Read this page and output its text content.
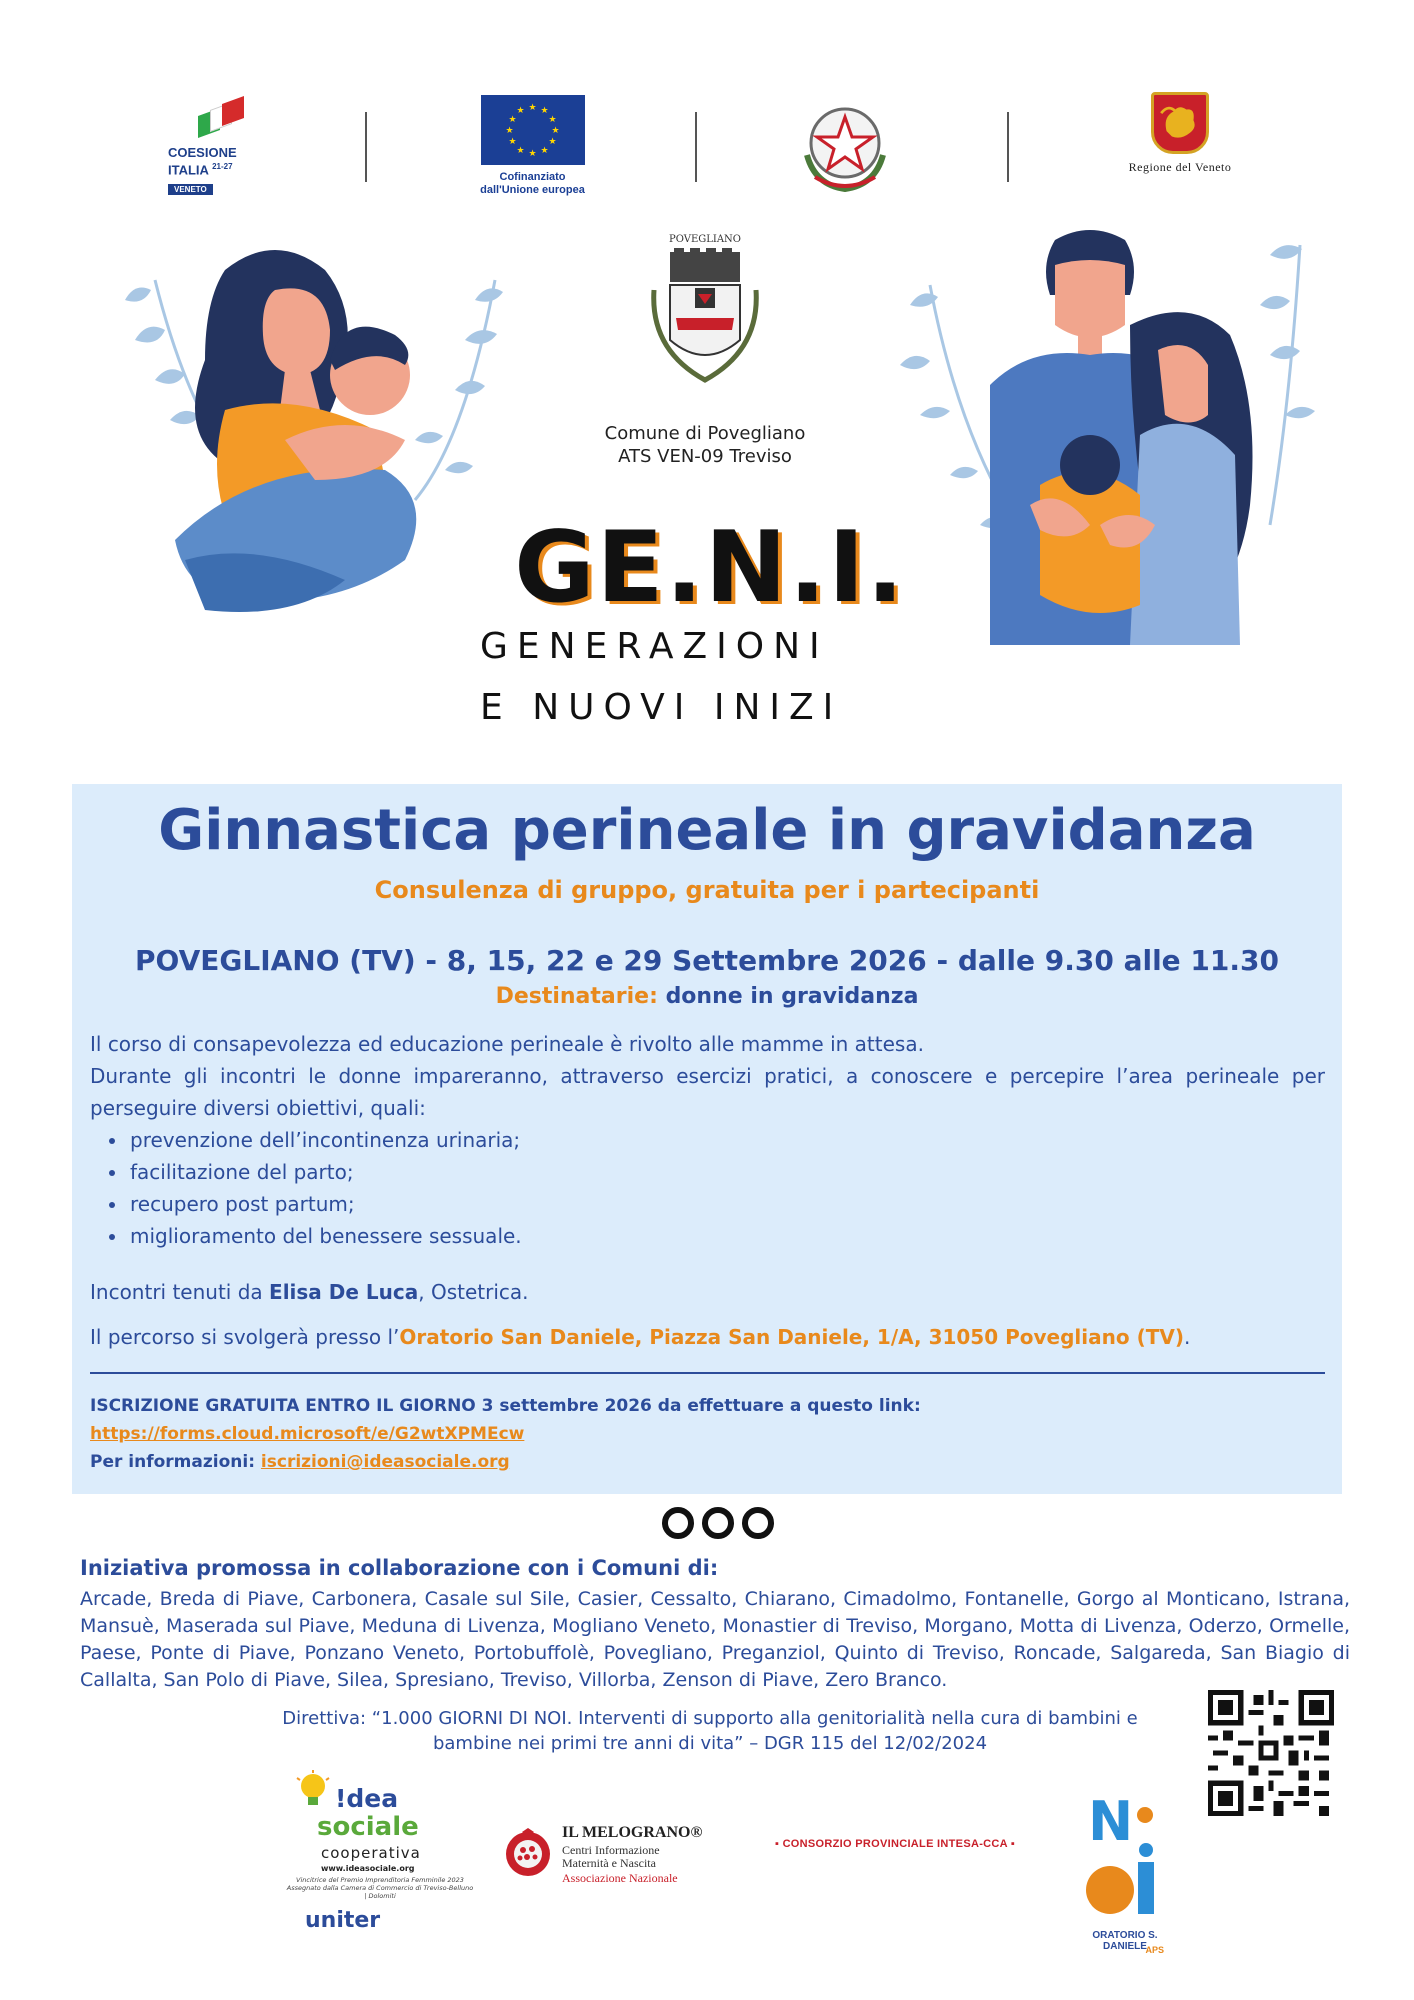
COESIONE
ITALIA $^{21-27}$
VENETO
★ ★
★
★
★
★
★
★
★
★
★
★
Cofinanziato
dall'Unione europea
Regione del Veneto
POVEGLIANO
Comune di Povegliano
ATS VEN-09 Treviso
GE.N.I.
GENERAZIONI
E NUOVI INIZI
Ginnastica perineale in gravidanza
Consulenza di gruppo, gratuita per i partecipanti
POVEGLIANO (TV) - 8, 15, 22 e 29 Settembre 2026 - dalle 9.30 alle 11.30
Destinatarie: donne in gravidanza
Il corso di consapevolezza ed educazione perineale è rivolto alle mamme in attesa.
Durante gli incontri le donne impareranno, attraverso esercizi pratici, a conoscere e percepire l’area perineale per perseguire diversi obiettivi, quali:
• prevenzione dell’incontinenza urinaria;
• facilitazione del parto;
• recupero post partum;
• miglioramento del benessere sessuale.
Incontri tenuti da Elisa De Luca, Ostetrica.
Il percorso si svolgerà presso l’Oratorio San Daniele, Piazza San Daniele, 1/A, 31050 Povegliano (TV).
ISCRIZIONE GRATUITA ENTRO IL GIORNO 3 settembre 2026 da effettuare a questo link:
https://forms.cloud.microsoft/e/G2wtXPMEcw
Per informazioni: iscrizioni@ideasociale.org
Iniziativa promossa in collaborazione con i Comuni di:
Arcade, Breda di Piave, Carbonera, Casale sul Sile, Casier, Cessalto, Chiarano, Cimadolmo, Fontanelle, Gorgo al Monticano, Istrana, Mansuè, Maserada sul Piave, Meduna di Livenza, Mogliano Veneto, Monastier di Treviso, Morgano, Motta di Livenza, Oderzo, Ormelle, Paese, Ponte di Piave, Ponzano Veneto, Portobuffolè, Povegliano, Preganziol, Quinto di Treviso, Roncade, Salgareda, San Biagio di Callalta, San Polo di Piave, Silea, Spresiano, Treviso, Villorba, Zenson di Piave, Zero Branco.
Direttiva: “1.000 GIORNI DI NOI. Interventi di supporto alla genitorialità nella cura di bambini e
bambine nei primi tre anni di vita” – DGR 115 del 12/02/2024
!dea
sociale
cooperativa
www.ideasociale.org
Vincitrice del Premio Imprenditoria Femminile 2023 Assegnato dalla Camera di Commercio di Treviso-Belluno | Dolomiti
uniter
IL MELOGRANO®
Centri Informazione
Maternità e Nascita
Associazione Nazionale
▪ CONSORZIO PROVINCIALE INTESA-CCA ▪ N
ORATORIO S. DANIELE
APS
